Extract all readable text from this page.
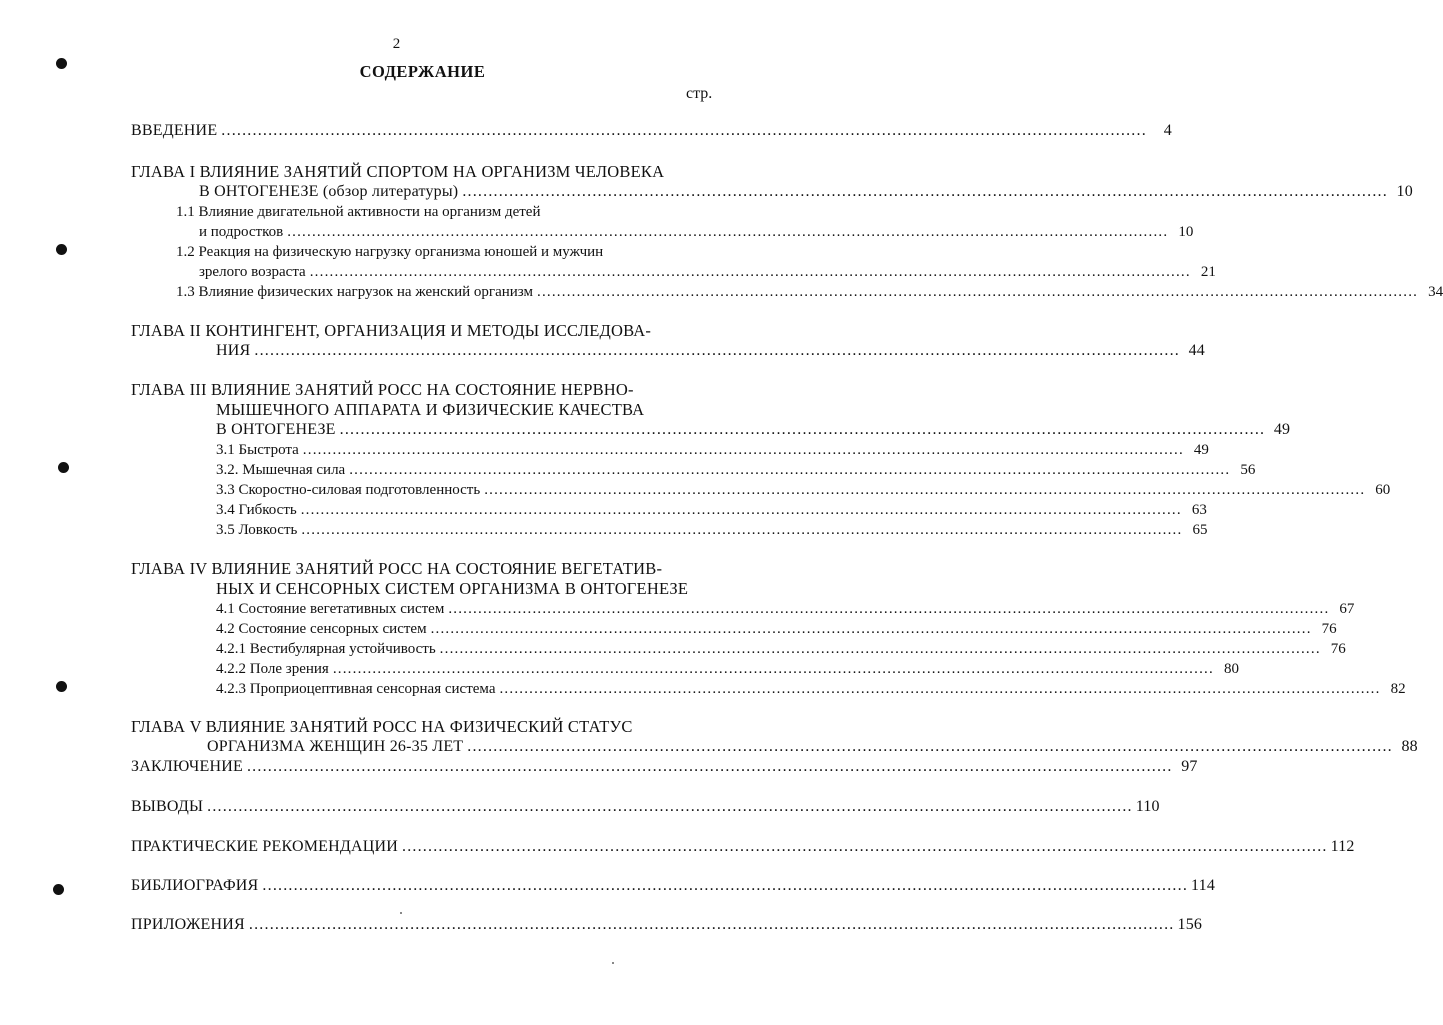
2
СОДЕРЖАНИЕ
стр.
ВВЕДЕНИЕ ..................................................................................................................................................................................	4
ГЛАВА I ВЛИЯНИЕ ЗАНЯТИЙ СПОРТОМ НА ОРГАНИЗМ ЧЕЛОВЕКА
В ОНТОГЕНЕЗЕ (обзор литературы) .................................................................................................................................................................................. 10
1.1 Влияние двигательной активности на организм детей
и подростков .................................................................................................................................................................................. 10
1.2 Реакция на физическую нагрузку организма юношей и мужчин
зрелого возраста .................................................................................................................................................................................. 21
1.3 Влияние физических нагрузок на женский организм .................................................................................................................................................................................. 34
ГЛАВА II КОНТИНГЕНТ, ОРГАНИЗАЦИЯ И МЕТОДЫ ИССЛЕДОВА-
НИЯ .................................................................................................................................................................................. 44
ГЛАВА III ВЛИЯНИЕ ЗАНЯТИЙ РОСС НА СОСТОЯНИЕ НЕРВНО-
МЫШЕЧНОГО АППАРАТА И ФИЗИЧЕСКИЕ КАЧЕСТВА
В ОНТОГЕНЕЗЕ .................................................................................................................................................................................. 49
3.1 Быстрота .................................................................................................................................................................................. 49
3.2. Мышечная сила .................................................................................................................................................................................. 56
3.3 Скоростно-силовая подготовленность .................................................................................................................................................................................. 60
3.4 Гибкость .................................................................................................................................................................................. 63
3.5 Ловкость .................................................................................................................................................................................. 65
ГЛАВА IV ВЛИЯНИЕ ЗАНЯТИЙ РОСС НА СОСТОЯНИЕ ВЕГЕТАТИВ-
НЫХ И СЕНСОРНЫХ СИСТЕМ ОРГАНИЗМА В ОНТОГЕНЕЗЕ
4.1 Состояние вегетативных систем .................................................................................................................................................................................. 67
4.2 Состояние сенсорных систем .................................................................................................................................................................................. 76
4.2.1 Вестибулярная устойчивость .................................................................................................................................................................................. 76
4.2.2 Поле зрения .................................................................................................................................................................................. 80
4.2.3 Проприоцептивная сенсорная система .................................................................................................................................................................................. 82
ГЛАВА V ВЛИЯНИЕ ЗАНЯТИЙ РОСС НА ФИЗИЧЕСКИЙ СТАТУС
ОРГАНИЗМА ЖЕНЩИН 26-35 ЛЕТ .................................................................................................................................................................................. 88
ЗАКЛЮЧЕНИЕ .................................................................................................................................................................................. 97
ВЫВОДЫ .................................................................................................................................................................................. 110
ПРАКТИЧЕСКИЕ РЕКОМЕНДАЦИИ .................................................................................................................................................................................. 112
БИБЛИОГРАФИЯ .................................................................................................................................................................................. 114
ПРИЛОЖЕНИЯ .................................................................................................................................................................................. 156
